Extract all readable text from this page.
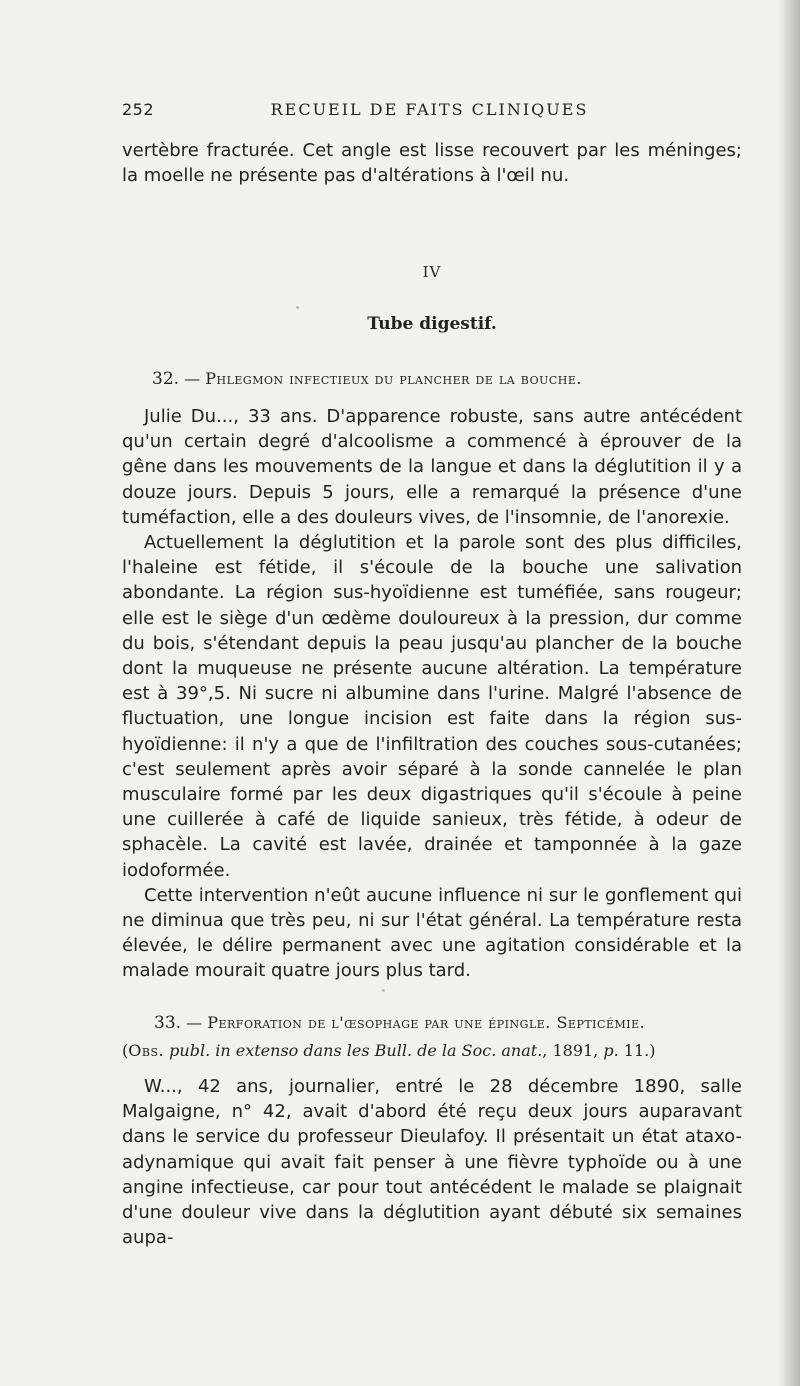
252	RECUEIL DE FAITS CLINIQUES

vertèbre fracturée. Cet angle est lisse recouvert par les méninges; la moelle ne présente pas d'altérations à l'œil nu.

IV
Tube digestif.

32. — Phlegmon infectieux du plancher de la bouche.

Julie Du..., 33 ans. D'apparence robuste, sans autre antécédent qu'un certain degré d'alcoolisme a commencé à éprouver de la gêne dans les mouvements de la langue et dans la déglutition il y a douze jours. Depuis 5 jours, elle a remarqué la présence d'une tuméfaction, elle a des douleurs vives, de l'insomnie, de l'anorexie.

Actuellement la déglutition et la parole sont des plus difficiles, l'haleine est fétide, il s'écoule de la bouche une salivation abondante. La région sus-hyoïdienne est tuméfiée, sans rougeur; elle est le siège d'un œdème douloureux à la pression, dur comme du bois, s'étendant depuis la peau jusqu'au plancher de la bouche dont la muqueuse ne présente aucune altération. La température est à 39°,5. Ni sucre ni albumine dans l'urine. Malgré l'absence de fluctuation, une longue incision est faite dans la région sus-hyoïdienne: il n'y a que de l'infiltration des couches sous-cutanées; c'est seulement après avoir séparé à la sonde cannelée le plan musculaire formé par les deux digastriques qu'il s'écoule à peine une cuillerée à café de liquide sanieux, très fétide, à odeur de sphacèle. La cavité est lavée, drainée et tamponnée à la gaze iodoformée.

Cette intervention n'eût aucune influence ni sur le gonflement qui ne diminua que très peu, ni sur l'état général. La température resta élevée, le délire permanent avec une agitation considérable et la malade mourait quatre jours plus tard.

33. — Perforation de l'œsophage par une épingle. Septicémie.

(Obs. publ. in extenso dans les Bull. de la Soc. anat., 1891, p. 11.)

W..., 42 ans, journalier, entré le 28 décembre 1890, salle Malgaigne, n° 42, avait d'abord été reçu deux jours auparavant dans le service du professeur Dieulafoy. Il présentait un état ataxo-adynamique qui avait fait penser à une fièvre typhoïde ou à une angine infectieuse, car pour tout antécédent le malade se plaignait d'une douleur vive dans la déglutition ayant débuté six semaines aupa-
